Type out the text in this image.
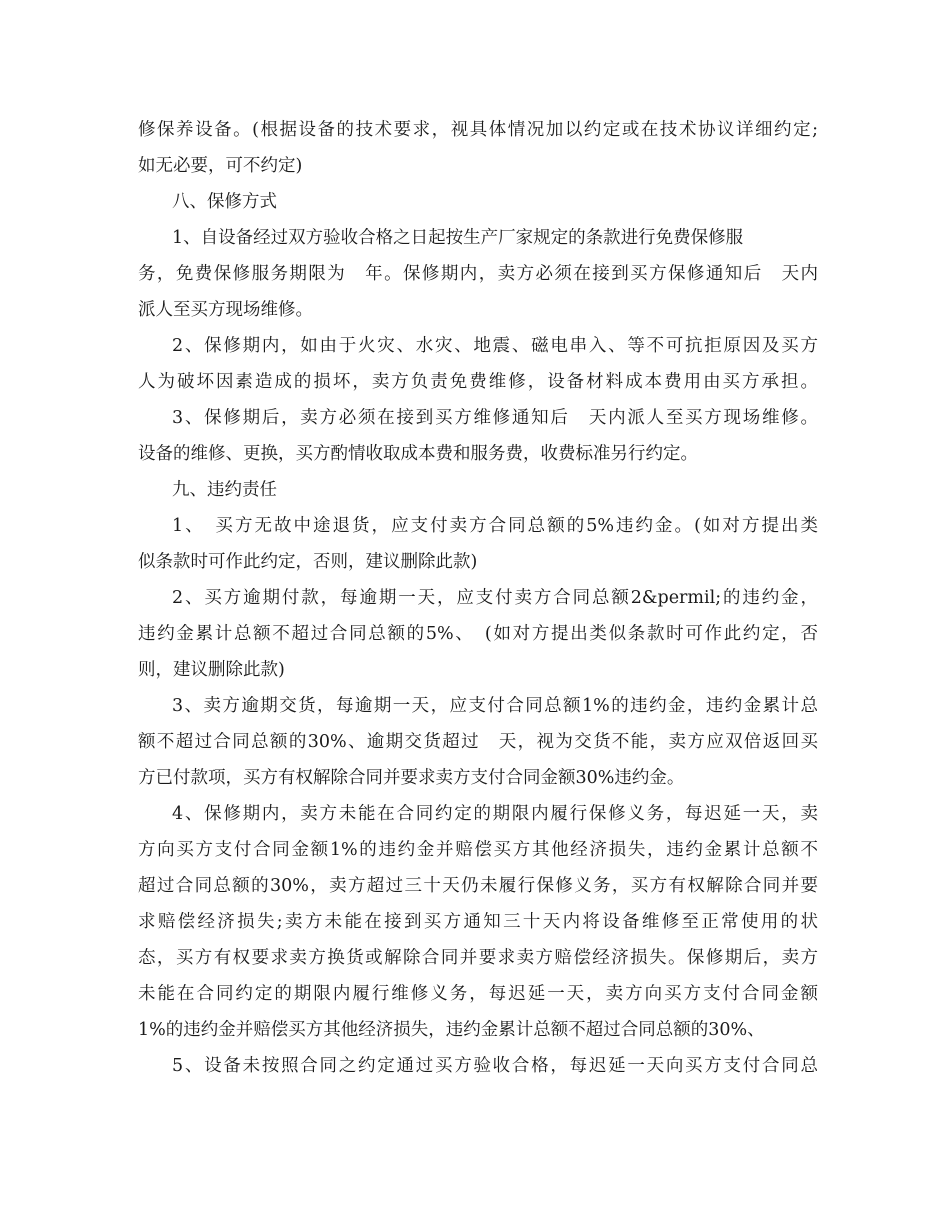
修保养设备。(根据设备的技术要求，视具体情况加以约定或在技术协议详细约定;
如无必要，可不约定)
八、保修方式
1、自设备经过双方验收合格之日起按生产厂家规定的条款进行免费保修服
务，免费保修服务期限为　年。保修期内，卖方必须在接到买方保修通知后　天内
派人至买方现场维修。
2、保修期内，如由于火灾、水灾、地震、磁电串入、等不可抗拒原因及买方
人为破坏因素造成的损坏，卖方负责免费维修，设备材料成本费用由买方承担。
3、保修期后，卖方必须在接到买方维修通知后　天内派人至买方现场维修。
设备的维修、更换，买方酌情收取成本费和服务费，收费标准另行约定。
九、违约责任
1、　买方无故中途退货，应支付卖方合同总额的5%违约金。(如对方提出类
似条款时可作此约定，否则，建议删除此款)
2、买方逾期付款，每逾期一天，应支付卖方合同总额2&permil;的违约金，
违约金累计总额不超过合同总额的5%、　(如对方提出类似条款时可作此约定，否
则，建议删除此款)
3、卖方逾期交货，每逾期一天，应支付合同总额1%的违约金，违约金累计总
额不超过合同总额的30%、逾期交货超过　天，视为交货不能，卖方应双倍返回买
方已付款项，买方有权解除合同并要求卖方支付合同金额30%违约金。
4、保修期内，卖方未能在合同约定的期限内履行保修义务，每迟延一天，卖
方向买方支付合同金额1%的违约金并赔偿买方其他经济损失，违约金累计总额不
超过合同总额的30%，卖方超过三十天仍未履行保修义务，买方有权解除合同并要
求赔偿经济损失;卖方未能在接到买方通知三十天内将设备维修至正常使用的状
态，买方有权要求卖方换货或解除合同并要求卖方赔偿经济损失。保修期后，卖方
未能在合同约定的期限内履行维修义务，每迟延一天，卖方向买方支付合同金额
1%的违约金并赔偿买方其他经济损失，违约金累计总额不超过合同总额的30%、
5、设备未按照合同之约定通过买方验收合格，每迟延一天向买方支付合同总
